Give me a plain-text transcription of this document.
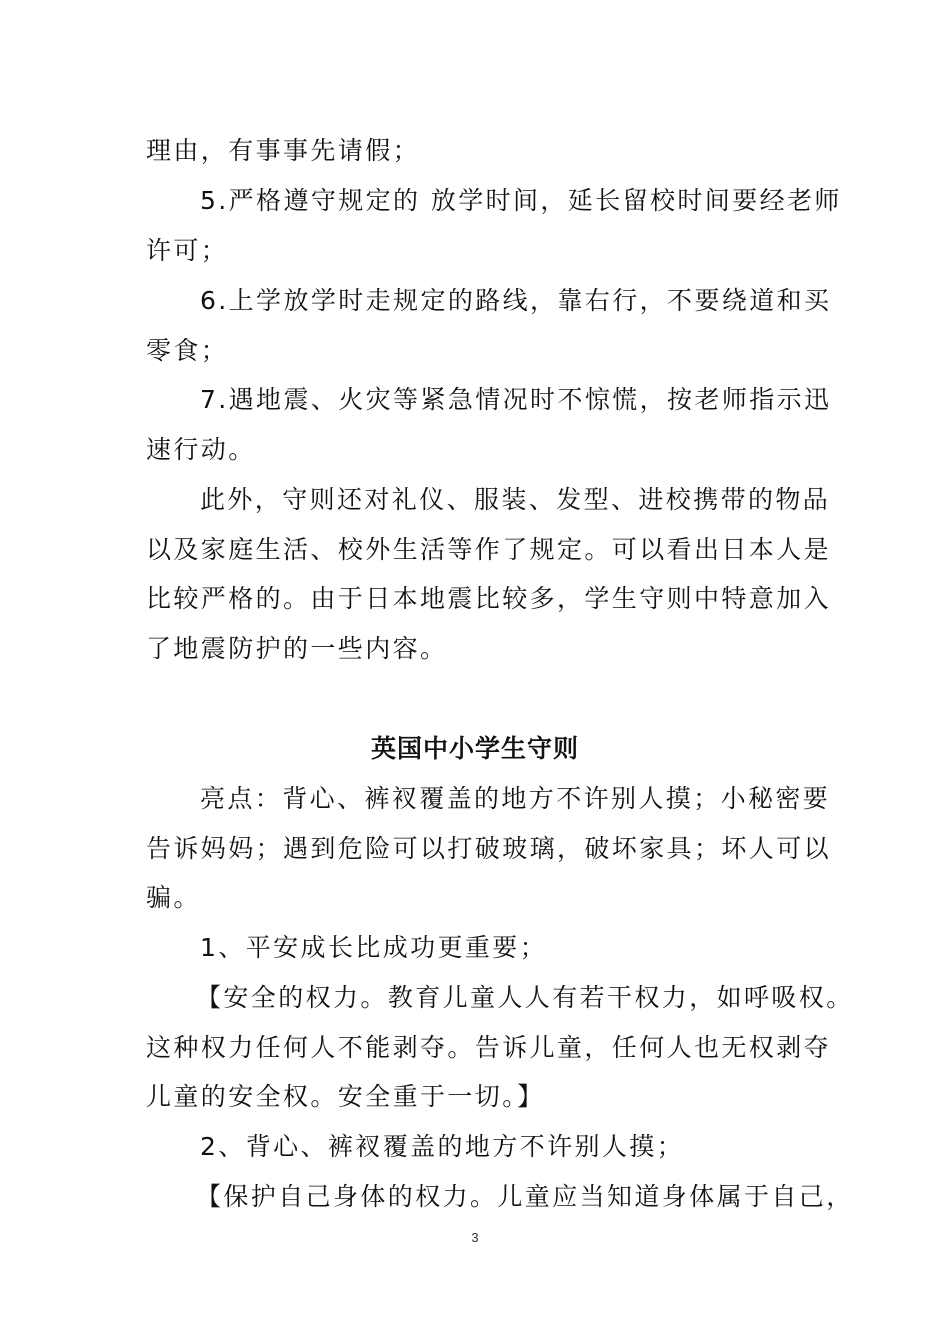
理由，有事事先请假；
5.严格遵守规定的 放学时间，延长留校时间要经老师
许可；
6.上学放学时走规定的路线，靠右行，不要绕道和买
零食；
7.遇地震、火灾等紧急情况时不惊慌，按老师指示迅
速行动。
此外，守则还对礼仪、服装、发型、进校携带的物品
以及家庭生活、校外生活等作了规定。可以看出日本人是
比较严格的。由于日本地震比较多，学生守则中特意加入
了地震防护的一些内容。
英国中小学生守则
亮点：背心、裤衩覆盖的地方不许别人摸；小秘密要
告诉妈妈；遇到危险可以打破玻璃，破坏家具；坏人可以
骗。
1、平安成长比成功更重要；
【安全的权力。教育儿童人人有若干权力，如呼吸权。
这种权力任何人不能剥夺。告诉儿童，任何人也无权剥夺
儿童的安全权。安全重于一切。】
2、背心、裤衩覆盖的地方不许别人摸；
【保护自己身体的权力。儿童应当知道身体属于自己，
3
